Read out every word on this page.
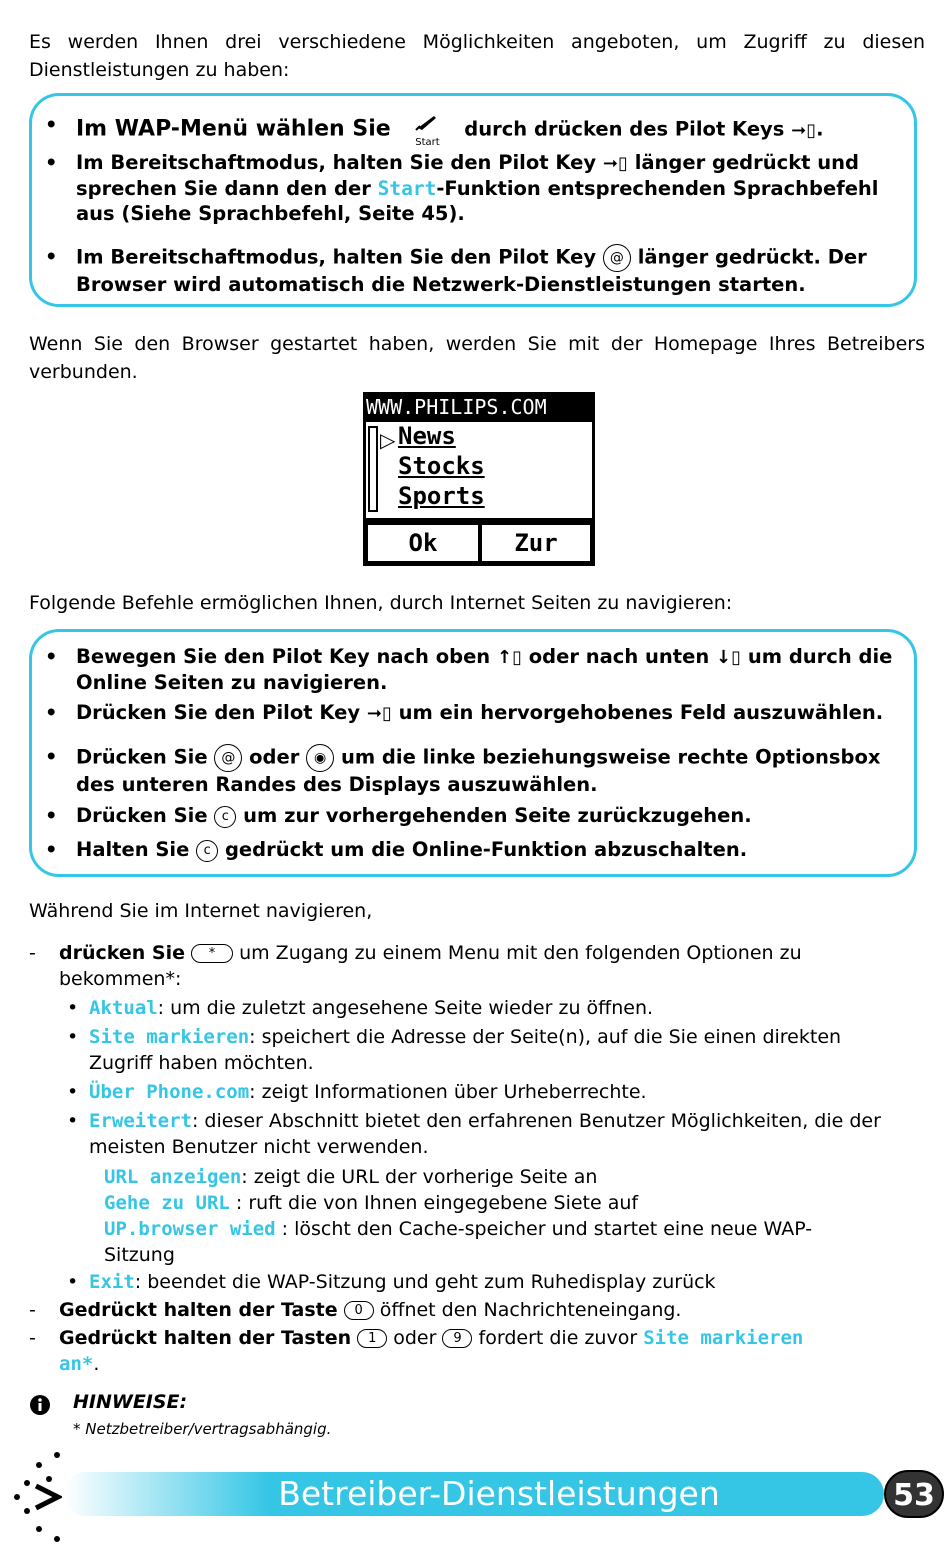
Es werden Ihnen drei verschiedene Möglichkeiten angeboten, um Zugriff zu diesen Dienstleistungen zu haben:
• Im WAP-Menü wählen Sie
Start
durch drücken des Pilot Keys ➞▯.
• Im Bereitschaftmodus, halten Sie den Pilot Key ➞▯ länger gedrückt und sprechen Sie dann den der Start-Funktion entsprechenden Sprachbefehl aus (Siehe Sprachbefehl, Seite 45).
• Im Bereitschaftmodus, halten Sie den Pilot Key @ länger gedrückt. Der Browser wird automatisch die Netzwerk-Dienstleistungen starten.
Wenn Sie den Browser gestartet haben, werden Sie mit der Homepage Ihres Betreibers verbunden.
WWW.PHILIPS.COM
▷ News
Stocks
Sports
Ok	Zur
Folgende Befehle ermöglichen Ihnen, durch Internet Seiten zu navigieren:
• Bewegen Sie den Pilot Key nach oben ↑▯ oder nach unten ↓▯ um durch die Online Seiten zu navigieren.
• Drücken Sie den Pilot Key ➞▯ um ein hervorgehobenes Feld auszuwählen.
• Drücken Sie @ oder ◉ um die linke beziehungsweise rechte Optionsbox des unteren Randes des Displays auszuwählen.
• Drücken Sie c um zur vorhergehenden Seite zurückzugehen.
• Halten Sie c gedrückt um die Online-Funktion abzuschalten.
Während Sie im Internet navigieren,
- drücken Sie * um Zugang zu einem Menu mit den folgenden Optionen zu
bekommen*:
• Aktual: um die zuletzt angesehene Seite wieder zu öffnen.
• Site markieren: speichert die Adresse der Seite(n), auf die Sie einen direkten
Zugriff haben möchten.
• Über Phone.com: zeigt Informationen über Urheberrechte.
• Erweitert: dieser Abschnitt bietet den erfahrenen Benutzer Möglichkeiten, die der
meisten Benutzer nicht verwenden.
URL anzeigen: zeigt die URL der vorherige Seite an
Gehe zu URL : ruft die von Ihnen eingegebene Siete auf
UP.browser wied : löscht den Cache-speicher und startet eine neue WAP-
Sitzung
• Exit: beendet die WAP-Sitzung und geht zum Ruhedisplay zurück
- Gedrückt halten der Taste 0 öffnet den Nachrichteneingang.
- Gedrückt halten der Tasten 1 oder 9 fordert die zuvor Site markieren
an*.
HINWEISE:
* Netzbetreiber/vertragsabhängig.
Betreiber-Dienstleistungen	53
